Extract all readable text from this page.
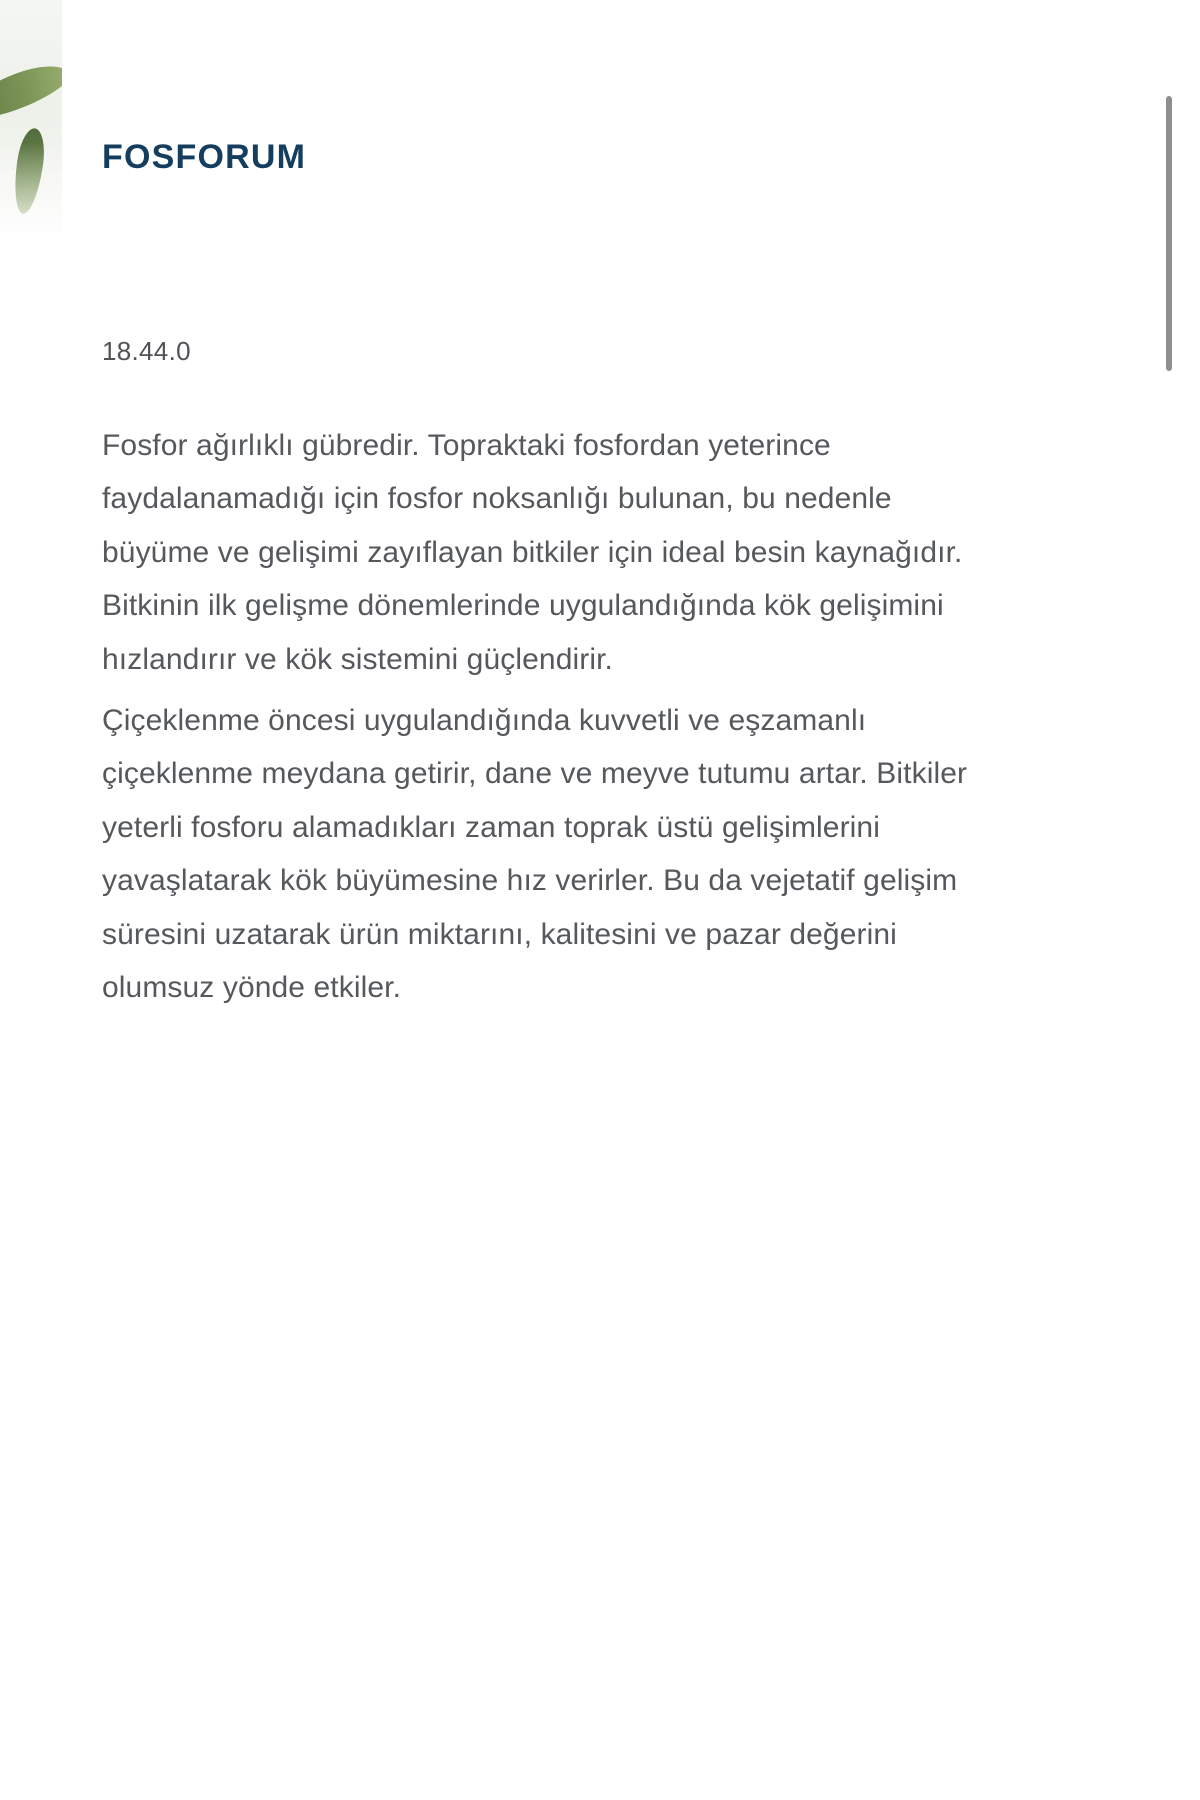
FOSFORUM
18.44.0

Fosfor ağırlıklı gübredir. Topraktaki fosfordan yeterince faydalanamadığı için fosfor noksanlığı bulunan, bu nedenle büyüme ve gelişimi zayıflayan bitkiler için ideal besin kaynağıdır. Bitkinin ilk gelişme dönemlerinde uygulandığında kök gelişimini hızlandırır ve kök sistemini güçlendirir.

Çiçeklenme öncesi uygulandığında kuvvetli ve eşzamanlı çiçeklenme meydana getirir, dane ve meyve tutumu artar. Bitkiler yeterli fosforu alamadıkları zaman toprak üstü gelişimlerini yavaşlatarak kök büyümesine hız verirler. Bu da vejetatif gelişim süresini uzatarak ürün miktarını, kalitesini ve pazar değerini olumsuz yönde etkiler.
